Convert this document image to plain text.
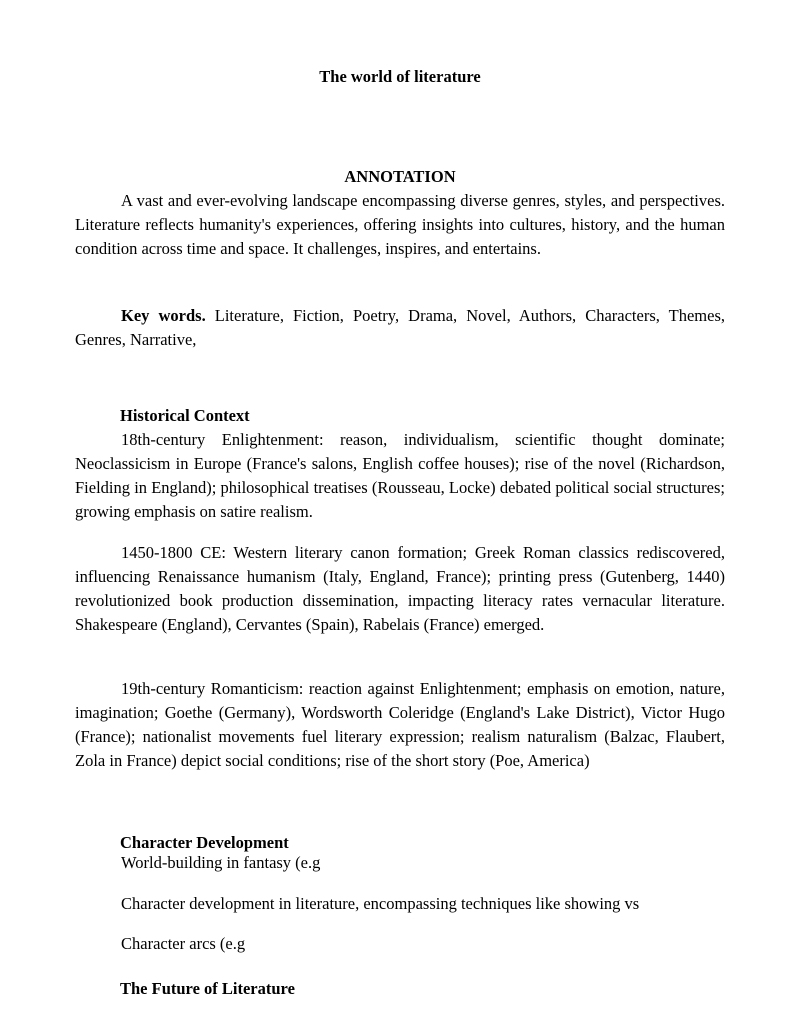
The world of literature

ANNOTATION

A vast and ever-evolving landscape encompassing diverse genres, styles, and perspectives. Literature reflects humanity's experiences, offering insights into cultures, history, and the human condition across time and space. It challenges, inspires, and entertains.

Key words. Literature, Fiction, Poetry, Drama, Novel, Authors, Characters, Themes, Genres, Narrative,

Historical Context

18th-century Enlightenment: reason, individualism, scientific thought dominate; Neoclassicism in Europe (France's salons, English coffee houses); rise of the novel (Richardson, Fielding in England); philosophical treatises (Rousseau, Locke) debated political social structures; growing emphasis on satire realism.

1450-1800 CE: Western literary canon formation; Greek Roman classics rediscovered, influencing Renaissance humanism (Italy, England, France); printing press (Gutenberg, 1440) revolutionized book production dissemination, impacting literacy rates vernacular literature. Shakespeare (England), Cervantes (Spain), Rabelais (France) emerged.

19th-century Romanticism: reaction against Enlightenment; emphasis on emotion, nature, imagination; Goethe (Germany), Wordsworth Coleridge (England's Lake District), Victor Hugo (France); nationalist movements fuel literary expression; realism naturalism (Balzac, Flaubert, Zola in France) depict social conditions; rise of the short story (Poe, America)

Character Development

World-building in fantasy (e.g

Character development in literature, encompassing techniques like showing vs

Character arcs (e.g

The Future of Literature
